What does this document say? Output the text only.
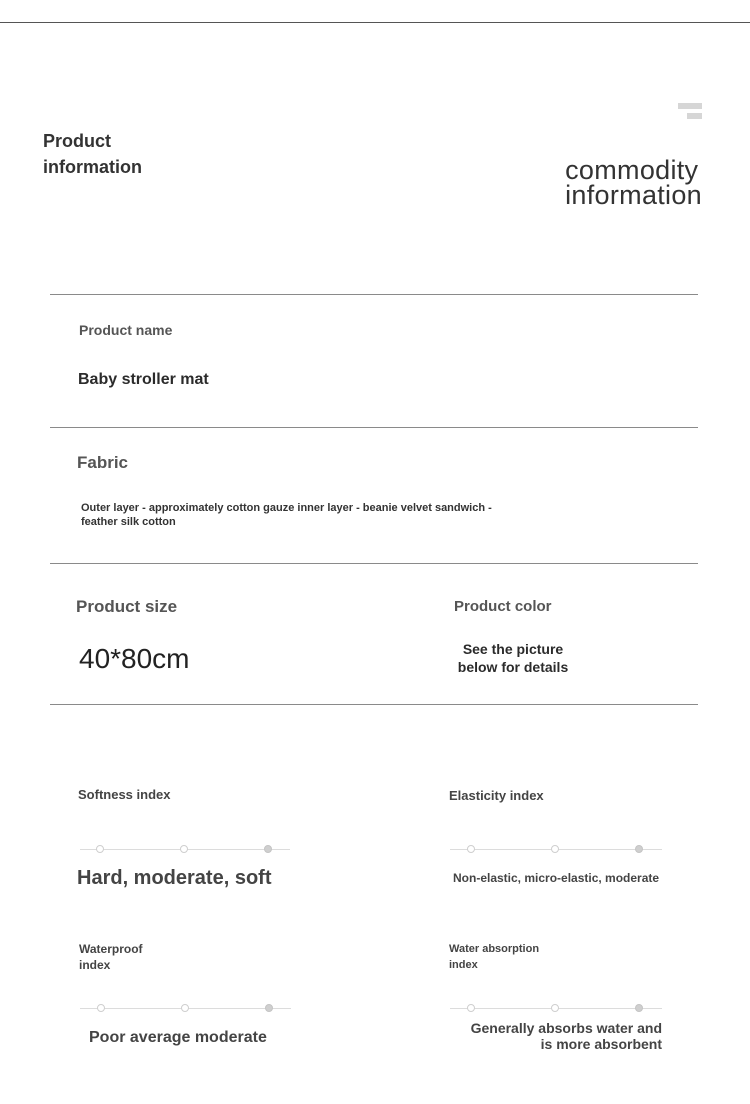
Product
information	commodity
information
Product name
Baby stroller mat
Fabric
Outer layer - approximately cotton gauze inner layer - beanie velvet sandwich -
feather silk cotton
Product size
40*80cm
Product color
See the picture
below for details
Softness index
Hard, moderate, soft
Elasticity index
Non-elastic, micro-elastic, moderate
Waterproof
index
Poor average moderate
Water absorption
index
Generally absorbs water and
is more absorbent
